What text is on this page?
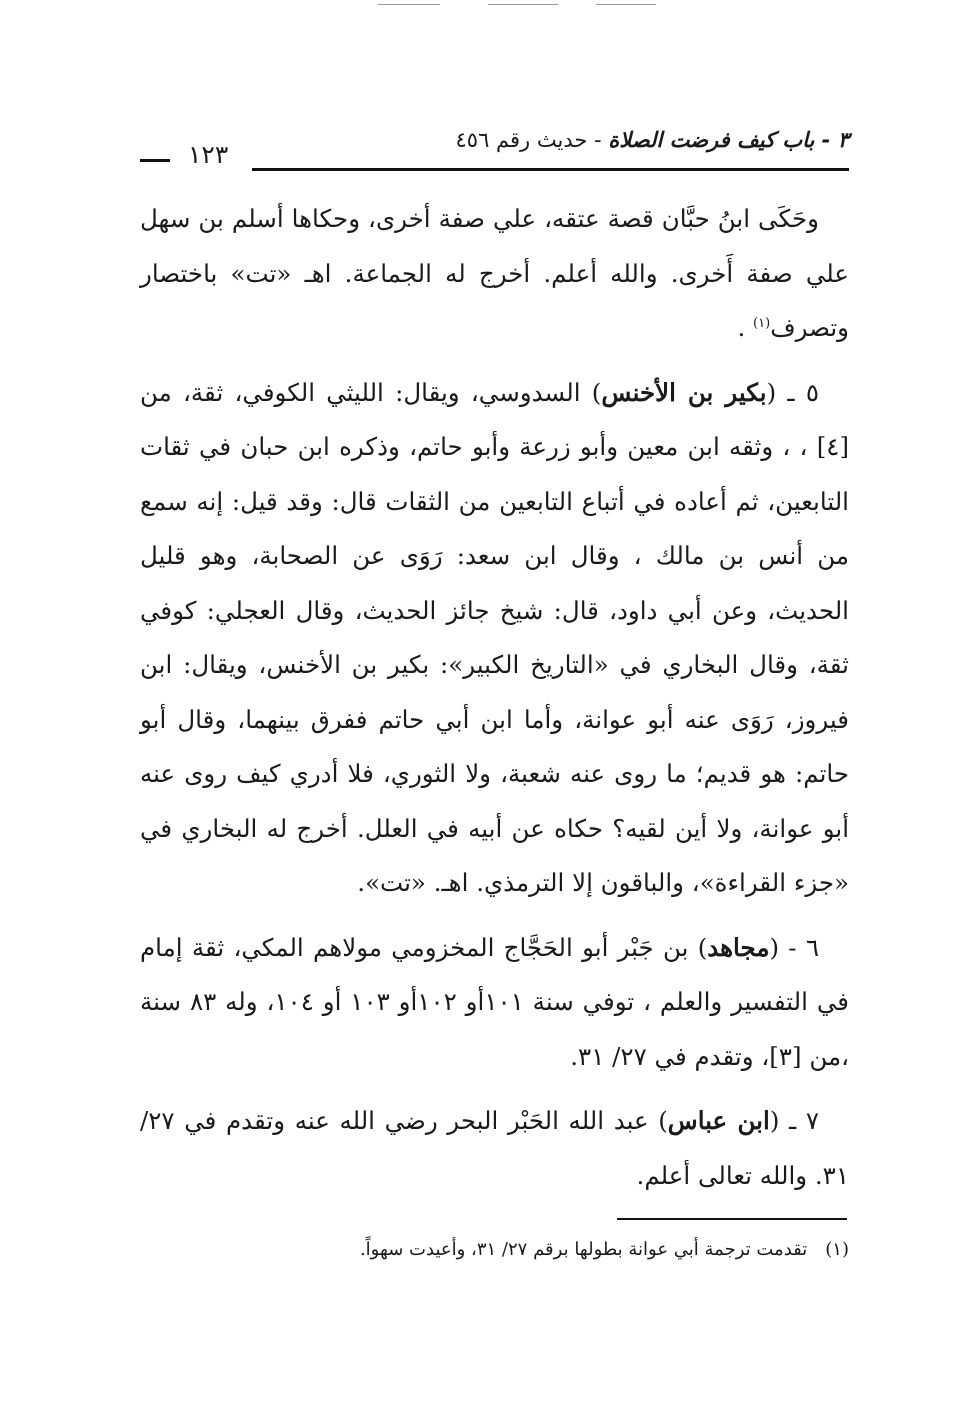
١٢٣	٣ - باب كيف فرضت الصلاة - حديث رقم ٤٥٦

وحَكَى ابنُ حبَّان قصة عتقه، علي صفة أخرى، وحكاها أسلم بن سهل علي صفة أَخرى. والله أعلم. أخرج له الجماعة. اهـ «تت» باختصار وتصرف$^{(١)}$ .

٥ ـ (بكير بن الأخنس) السدوسي، ويقال: الليثي الكوفي، ثقة، من [٤] ، ، وثقه ابن معين وأبو زرعة وأبو حاتم، وذكره ابن حبان في ثقات التابعين، ثم أعاده في أتباع التابعين من الثقات قال: وقد قيل: إنه سمع من أنس بن مالك ، وقال ابن سعد: رَوَى عن الصحابة، وهو قليل الحديث، وعن أبي داود، قال: شيخ جائز الحديث، وقال العجلي: كوفي ثقة، وقال البخاري في «التاريخ الكبير»: بكير بن الأخنس، ويقال: ابن فيروز، رَوَى عنه أبو عوانة، وأما ابن أبي حاتم ففرق بينهما، وقال أبو حاتم: هو قديم؛ ما روى عنه شعبة، ولا الثوري، فلا أدري كيف روى عنه أبو عوانة، ولا أين لقيه؟ حكاه عن أبيه في العلل. أخرج له البخاري في «جزء القراءة»، والباقون إلا الترمذي. اهـ. «تت».

٦ - (مجاهد) بن جَبْر أبو الحَجَّاج المخزومي مولاهم المكي، ثقة إمام في التفسير والعلم ، توفي سنة ١٠١أو ١٠٢أو ١٠٣ أو ١٠٤، وله ٨٣ سنة ،من [٣]، وتقدم في ٢٧/ ٣١.

٧ ـ (ابن عباس) عبد الله الحَبْر البحر رضي الله عنه وتقدم في ٢٧/ ٣١. والله تعالى أعلم.

(١)تقدمت ترجمة أبي عوانة بطولها برقم ٢٧/ ٣١، وأعيدت سهواً.
